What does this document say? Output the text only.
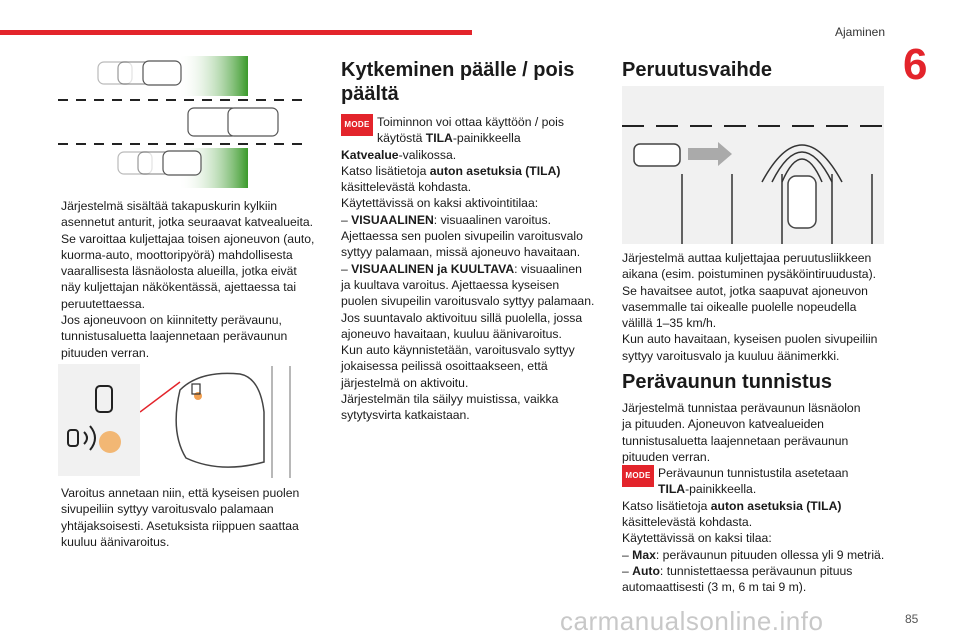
Ajaminen
6

Järjestelmä sisältää takapuskurin kylkiin

asennetut anturit, jotka seuraavat katvealueita.

Se varoittaa kuljettajaa toisen ajoneuvon (auto,

kuorma-auto, moottoripyörä) mahdollisesta

vaarallisesta läsnäolosta alueilla, jotka eivät

näy kuljettajan näkökentässä, ajettaessa tai

peruutettaessa.

Jos ajoneuvoon on kiinnitetty perävaunu,

tunnistusaluetta laajennetaan perävaunun

pituuden verran.

Varoitus annetaan niin, että kyseisen puolen

sivupeiliin syttyy varoitusvalo palamaan

yhtäjaksoisesti. Asetuksista riippuen saattaa

kuuluu äänivaroitus.

Kytkeminen päälle / pois
päältä
MODE Toiminnon voi ottaa käyttöön / pois
käytöstä TILA-painikkeella

Katvealue-valikossa.

Katso lisätietoja auton asetuksia (TILA)

käsittelevästä kohdasta.

Käytettävissä on kaksi aktivointitilaa:

– VISUAALINEN: visuaalinen varoitus.

Ajettaessa sen puolen sivupeilin varoitusvalo

syttyy palamaan, missä ajoneuvo havaitaan.

– VISUAALINEN ja KUULTAVA: visuaalinen

ja kuultava varoitus. Ajettaessa kyseisen

puolen sivupeilin varoitusvalo syttyy palamaan.

Jos suuntavalo aktivoituu sillä puolella, jossa

ajoneuvo havaitaan, kuuluu äänivaroitus.

Kun auto käynnistetään, varoitusvalo syttyy

jokaisessa peilissä osoittaakseen, että

järjestelmä on aktivoitu.

Järjestelmän tila säilyy muistissa, vaikka

sytytysvirta katkaistaan.

Peruutusvaihde

Järjestelmä auttaa kuljettajaa peruutusliikkeen

aikana (esim. poistuminen pysäköintiruudusta).

Se havaitsee autot, jotka saapuvat ajoneuvon

vasemmalle tai oikealle puolelle nopeudella

välillä 1–35 km/h.

Kun auto havaitaan, kyseisen puolen sivupeiliin

syttyy varoitusvalo ja kuuluu äänimerkki.

Perävaunun tunnistus

Järjestelmä tunnistaa perävaunun läsnäolon

ja pituuden. Ajoneuvon katvealueiden

tunnistusaluetta laajennetaan perävaunun

pituuden verran.

MODE Perävaunun tunnistustila asetetaan
TILA-painikkeella.

Katso lisätietoja auton asetuksia (TILA)

käsittelevästä kohdasta.

Käytettävissä on kaksi tilaa:

– Max: perävaunun pituuden ollessa yli 9 metriä.

– Auto: tunnistettaessa perävaunun pituus

automaattisesti (3 m, 6 m tai 9 m).

carmanualsonline.info	85
